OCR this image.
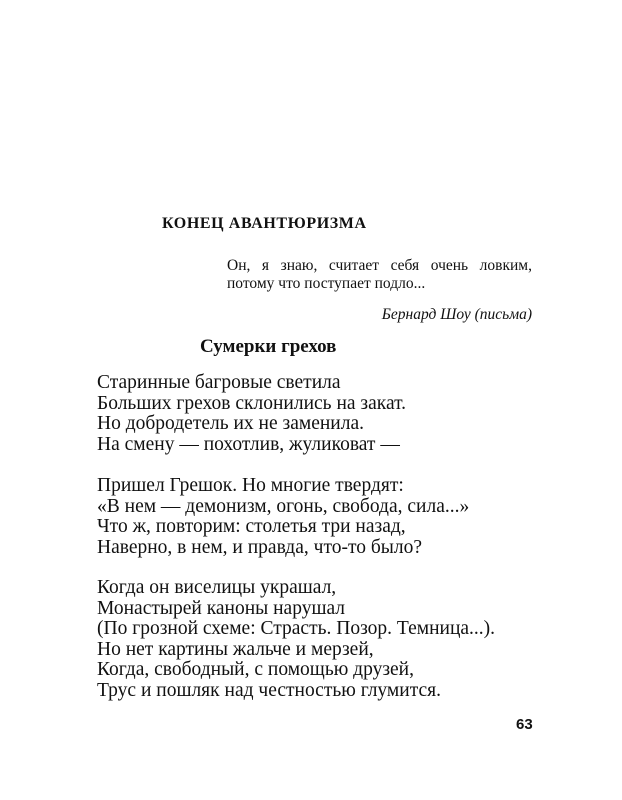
КОНЕЦ АВАНТЮРИЗМА
Он, я знаю, считает себя очень ловким,
потому что поступает подло...
Бернард Шоу (письма)
Сумерки грехов
Старинные багровые светила
Больших грехов склонились на закат.
Но добродетель их не заменила.
На смену — похотлив, жуликоват —
Пришел Грешок. Но многие твердят:
«В нем — демонизм, огонь, свобода, сила...»
Что ж, повторим: столетья три назад,
Наверно, в нем, и правда, что-то было?
Когда он виселицы украшал,
Монастырей каноны нарушал
(По грозной схеме: Страсть. Позор. Темница...).
Но нет картины жальче и мерзей,
Когда, свободный, с помощью друзей,
Трус и пошляк над честностью глумится.
63
